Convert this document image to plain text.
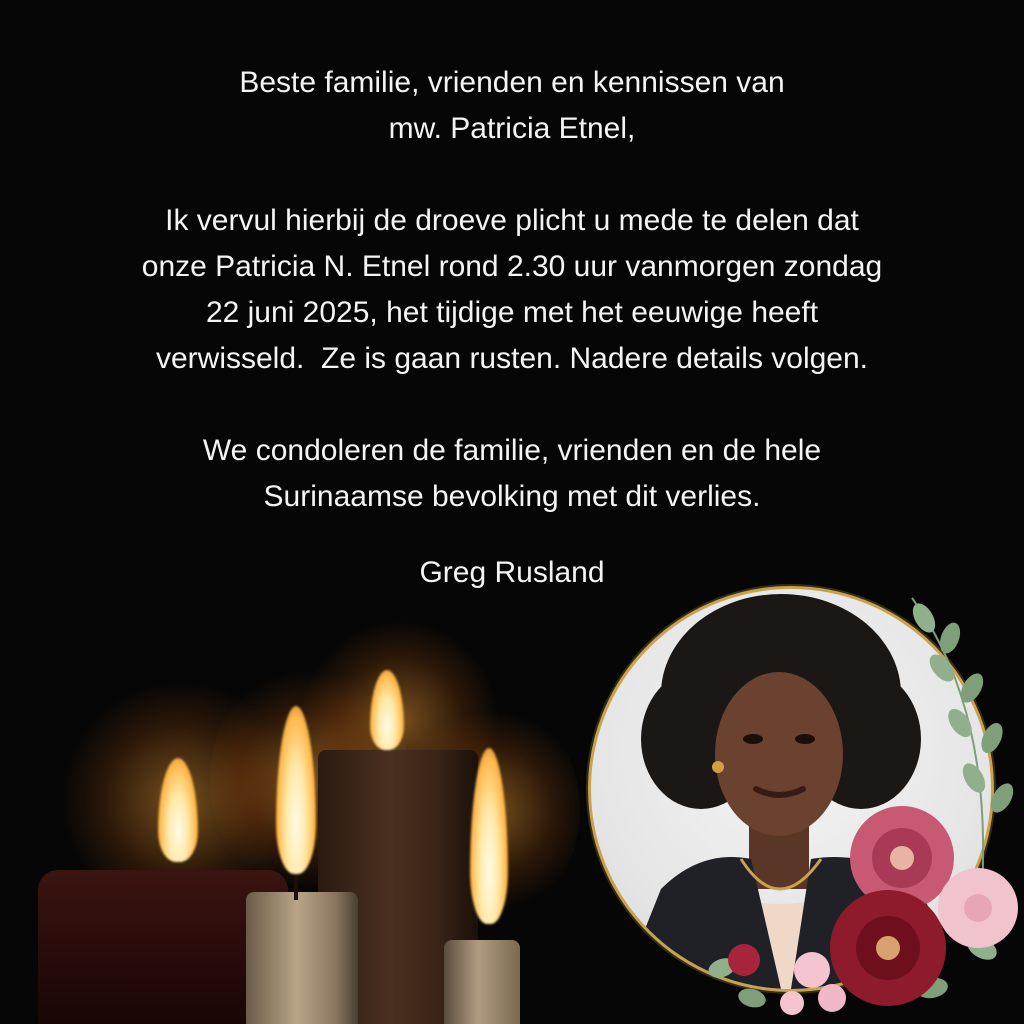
Beste familie, vrienden en kennissen van

mw. Patricia Etnel,

Ik vervul hierbij de droeve plicht u mede te delen dat

onze Patricia N. Etnel rond 2.30 uur vanmorgen zondag

22 juni 2025, het tijdige met het eeuwige heeft

verwisseld.  Ze is gaan rusten. Nadere details volgen.

We condoleren de familie, vrienden en de hele

Surinaamse bevolking met dit verlies.

Greg Rusland
